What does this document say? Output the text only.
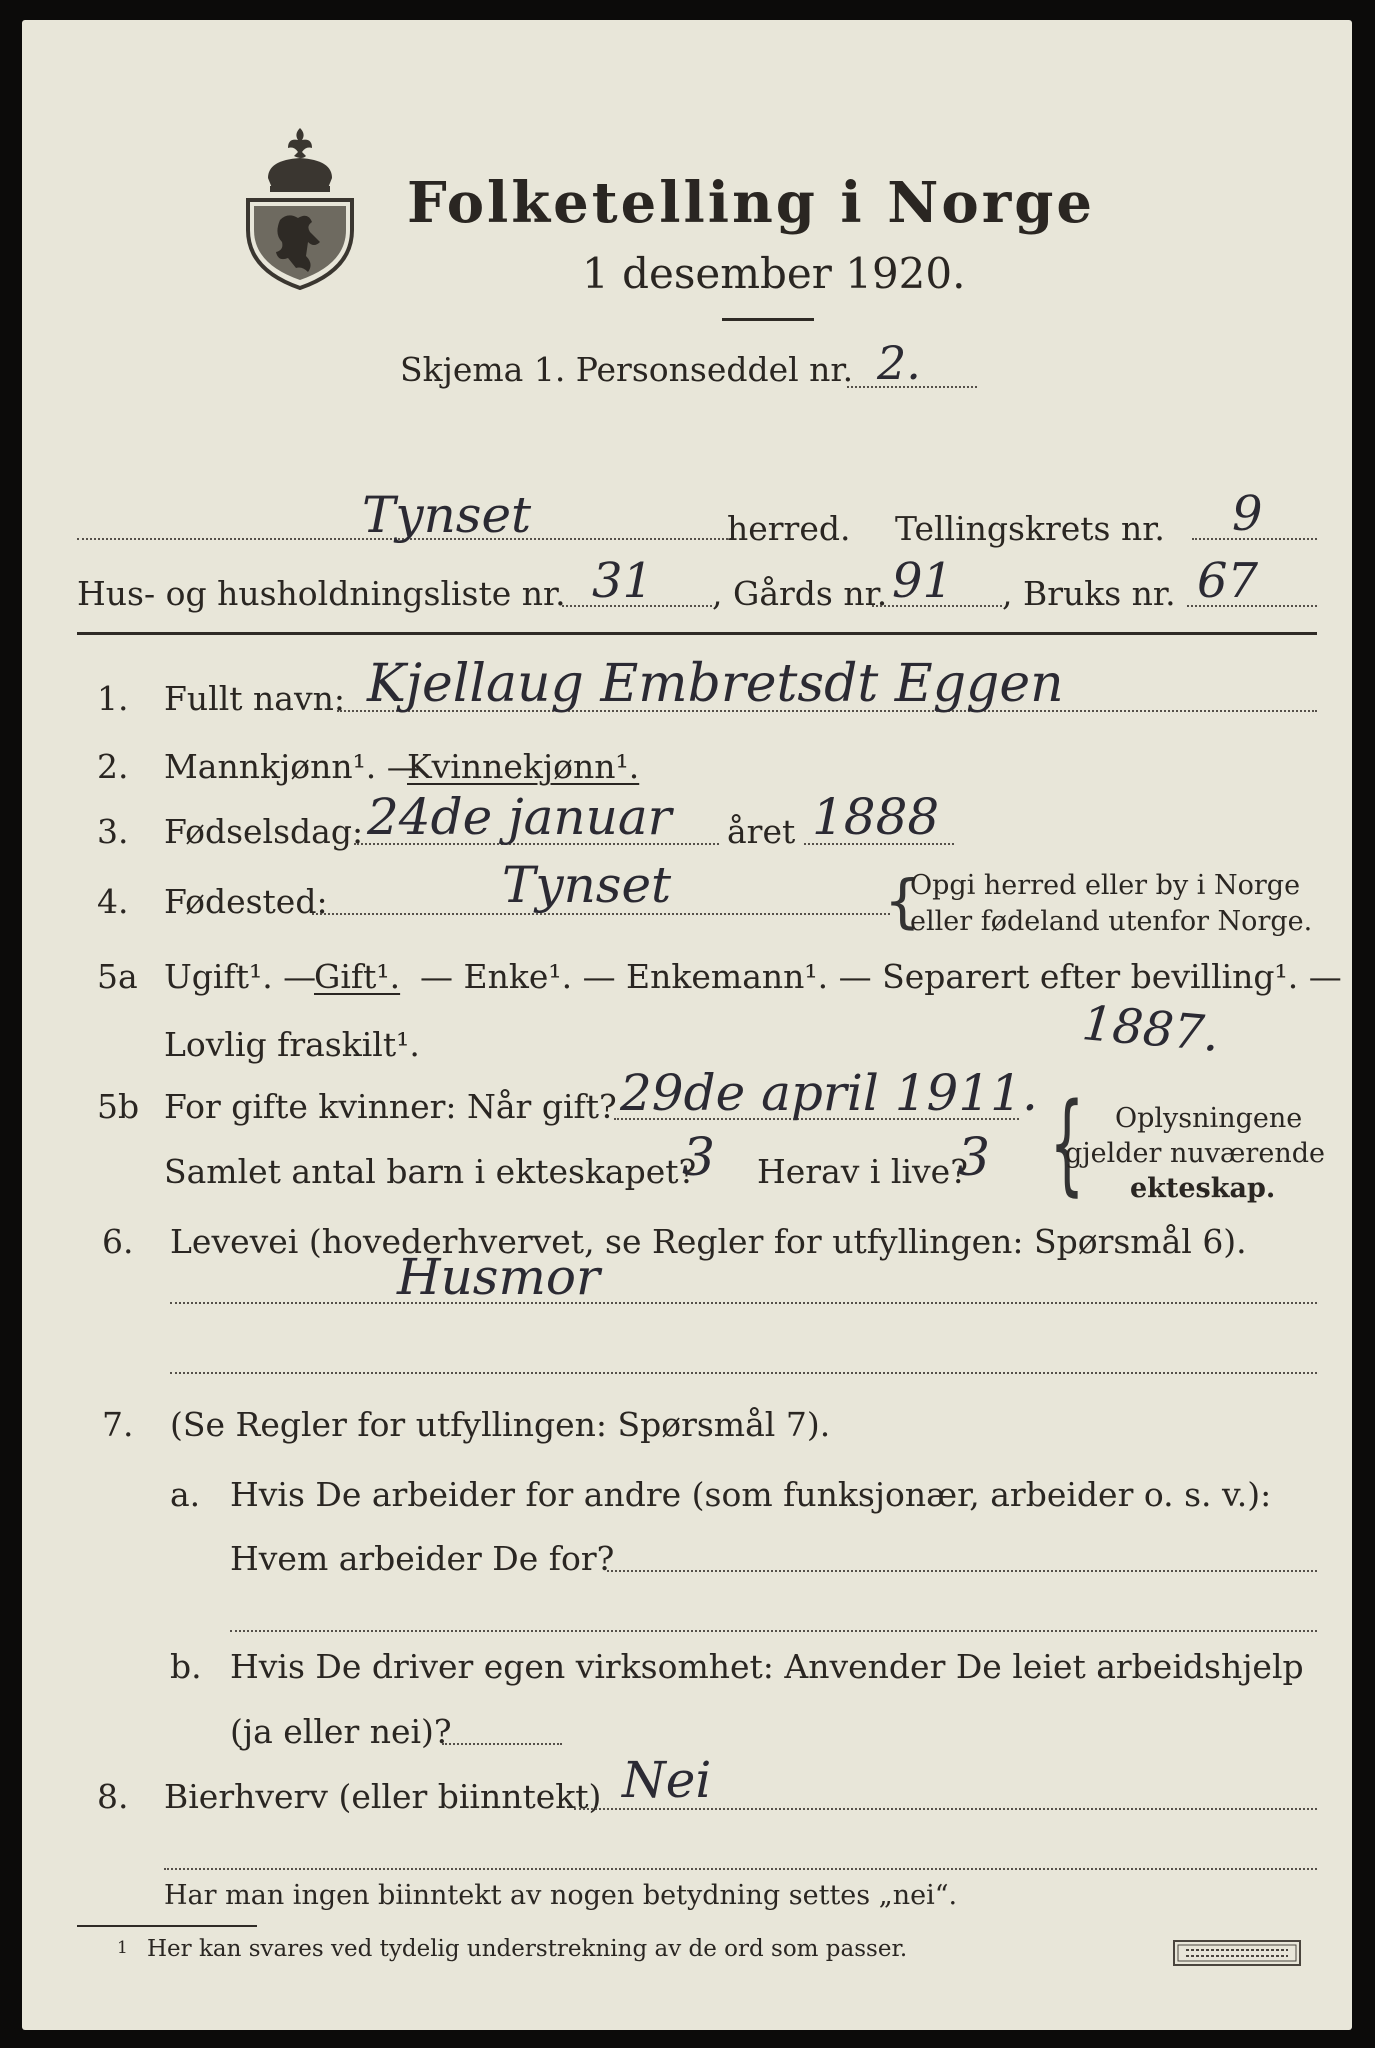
Folketelling i Norge
1 desember 1920.
Skjema 1. Personseddel nr. 2.
Tynset	herred. Tellingskrets nr. 9
Hus- og husholdningsliste nr. 31 , Gårds nr. 91 , Bruks nr. 67
1. Fullt navn: Kjellaug Embretsdt Eggen
2. Mannkjønn¹. —
Kvinnekjønn¹.
3. Fødselsdag: 24de januar året 1888
4. Fødested:	Tynset	{
Opgi herred eller by i Norge
eller fødeland utenfor Norge.
5a Ugift¹. —
Gift¹. — Enke¹. — Enkemann¹. — Separert efter bevilling¹. —
Lovlig fraskilt¹.	1887.
5b For gifte kvinner: Når gift? 29de april 1911.
Samlet antal barn i ekteskapet?
3 Herav i live?
3 { Oplysningene
gjelder nuværende
ekteskap.
6. Levevei (hovederhvervet, se Regler for utfyllingen: Spørsmål 6).
Husmor
7. (Se Regler for utfyllingen: Spørsmål 7).
a. Hvis De arbeider for andre (som funksjonær, arbeider o. s. v.):
Hvem arbeider De for?
b. Hvis De driver egen virksomhet: Anvender De leiet arbeidshjelp
(ja eller nei)?
8. Bierhverv (eller biinntekt) Nei
Har man ingen biinntekt av nogen betydning settes „nei“.
1 Her kan svares ved tydelig understrekning av de ord som passer.
